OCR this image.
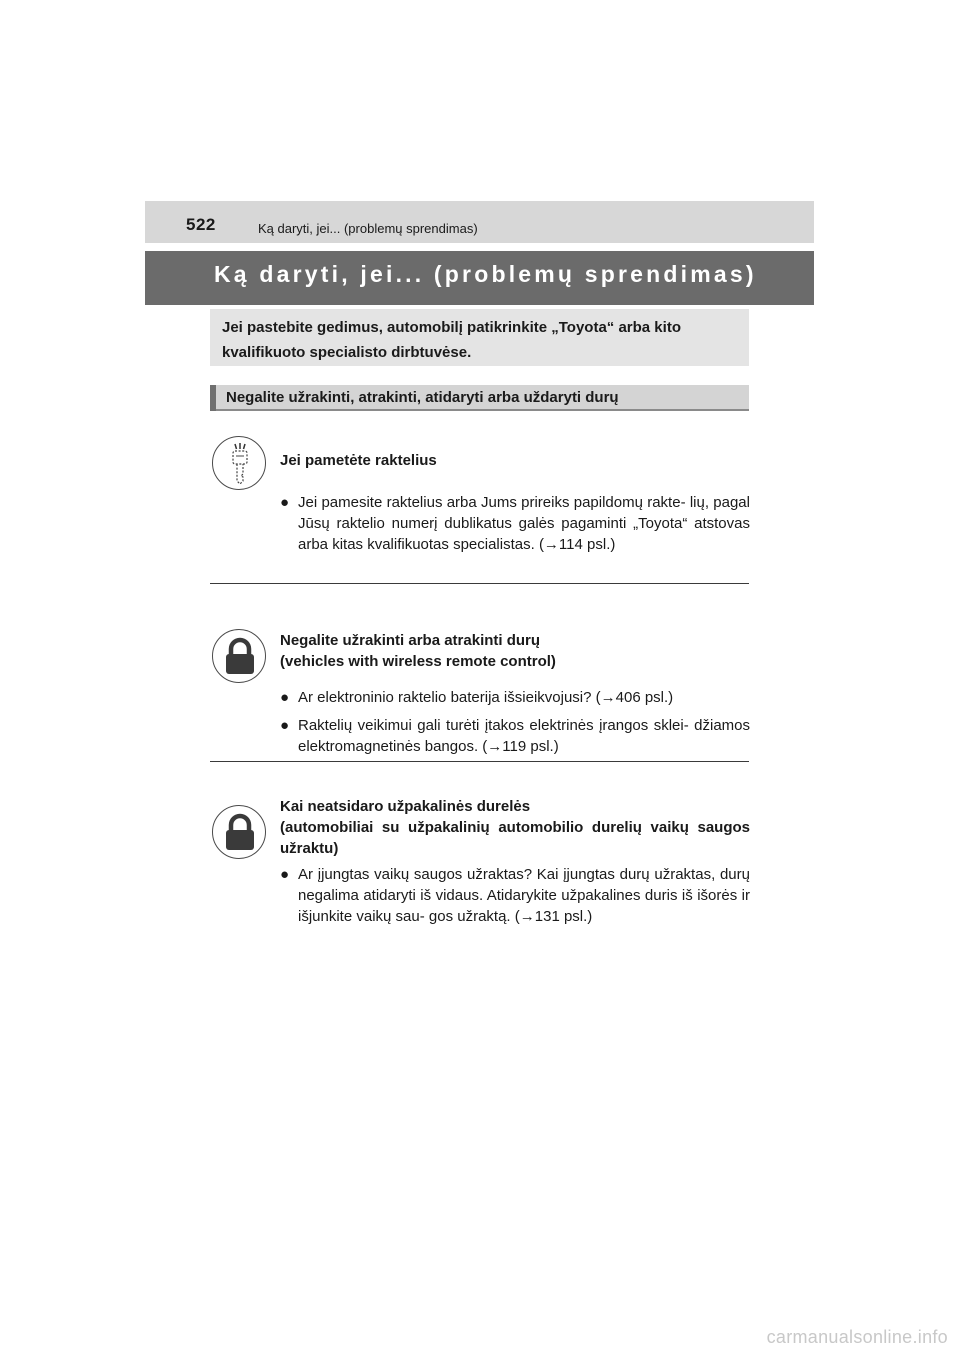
522	Ką daryti, jei... (problemų sprendimas)
Ką daryti, jei... (problemų sprendimas)
Jei pastebite gedimus, automobilį patikrinkite „Toyota“ arba kito kvalifikuoto specialisto dirbtuvėse.
Negalite užrakinti, atrakinti, atidaryti arba uždaryti durų
Jei pametėte raktelius
● Jei pamesite raktelius arba Jums prireiks papildomų rakte- lių, pagal Jūsų raktelio numerį dublikatus galės pagaminti „Toyota“ atstovas arba kitas kvalifikuotas specialistas. (→114 psl.)
Negalite užrakinti arba atrakinti durų
(vehicles with wireless remote control)
● Ar elektroninio raktelio baterija išsieikvojusi? (→406 psl.)
● Raktelių veikimui gali turėti įtakos elektrinės įrangos sklei- džiamos elektromagnetinės bangos. (→119 psl.)
Kai neatsidaro užpakalinės durelės
(automobiliai su užpakalinių automobilio durelių vaikų saugos užraktu)
● Ar įjungtas vaikų saugos užraktas? Kai įjungtas durų užraktas, durų negalima atidaryti iš vidaus. Atidarykite užpakalines duris iš išorės ir išjunkite vaikų sau- gos užraktą. (→131 psl.)
carmanualsonline.info
